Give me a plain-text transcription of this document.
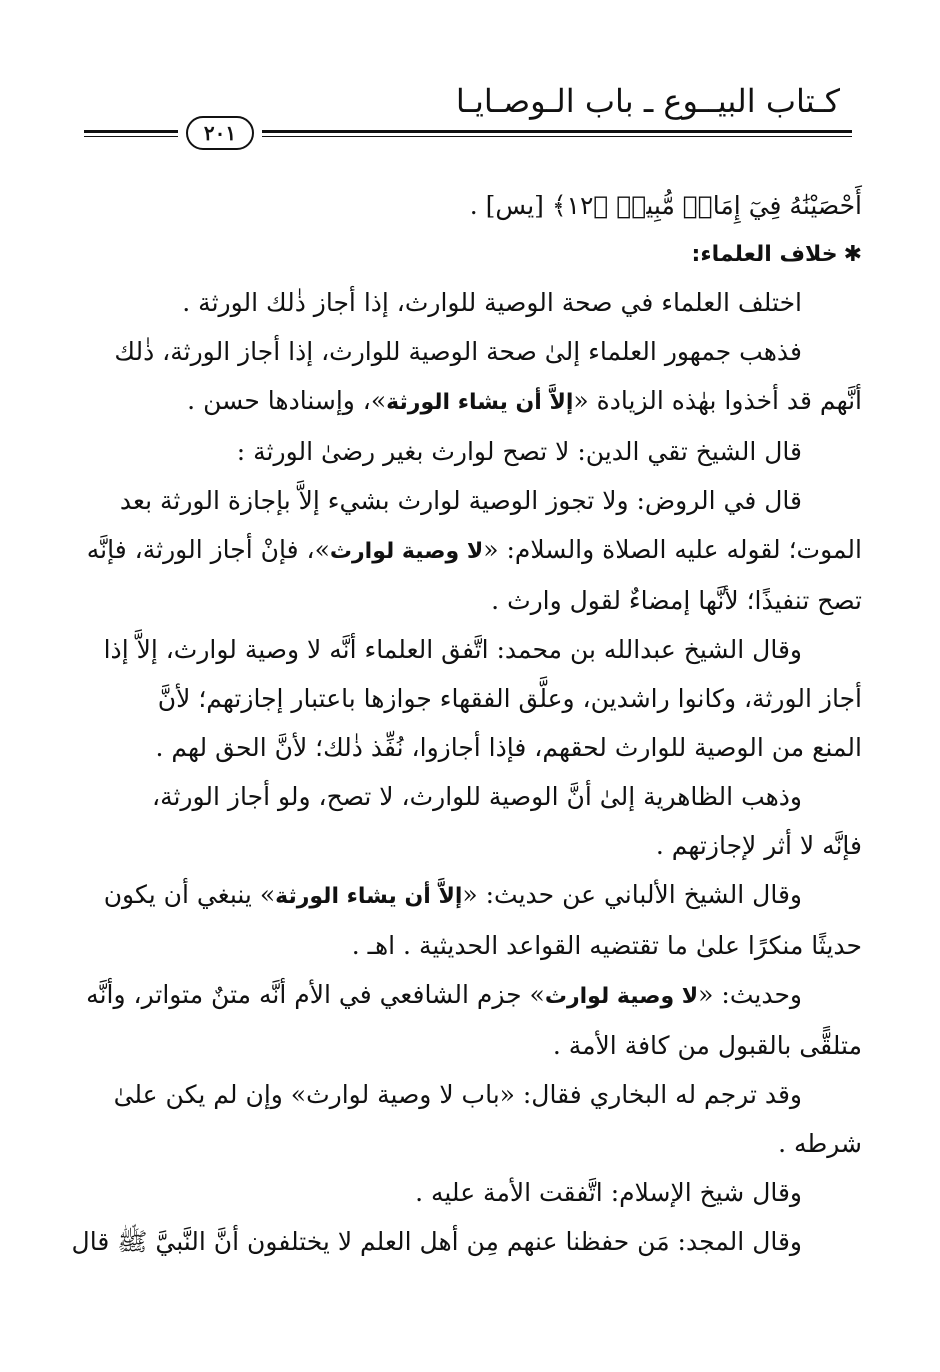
كـتاب البيــوع ـ باب الـوصـايـا
٢٠١
أَحْصَيْنَٰهُ فِيٓ إِمَامٖ مُّبِينٖ ﴿١٢﴾ [يس] .
✱خلاف العلماء:
اختلف العلماء في صحة الوصية للوارث، إذا أجاز ذٰلك الورثة .
فذهب جمهور العلماء إلىٰ صحة الوصية للوارث، إذا أجاز الورثة، ذٰلك
أنَّهم قد أخذوا بهٰذه الزيادة «إلاَّ أن يشاء الورثة»، وإسنادها حسن .
قال الشيخ تقي الدين: لا تصح لوارث بغير رضىٰ الورثة :
قال في الروض: ولا تجوز الوصية لوارث بشيء إلاَّ بإجازة الورثة بعد
الموت؛ لقوله عليه الصلاة والسلام: «لا وصية لوارث»، فإنْ أجاز الورثة، فإنَّه
تصح تنفيذًا؛ لأنَّها إمضاءٌ لقول وارث .
وقال الشيخ عبدالله بن محمد: اتَّفق العلماء أنَّه لا وصية لوارث، إلاَّ إذا
أجاز الورثة، وكانوا راشدين، وعلَّق الفقهاء جوازها باعتبار إجازتهم؛ لأنَّ
المنع من الوصية للوارث لحقهم، فإذا أجازوا، نُفِّذ ذٰلك؛ لأنَّ الحق لهم .
وذهب الظاهرية إلىٰ أنَّ الوصية للوارث، لا تصح، ولو أجاز الورثة،
فإنَّه لا أثر لإجازتهم .
وقال الشيخ الألباني عن حديث: «إلاَّ أن يشاء الورثة» ينبغي أن يكون
حديثًا منكرًا علىٰ ما تقتضيه القواعد الحديثية . اهـ .
وحديث: «لا وصية لوارث» جزم الشافعي في الأم أنَّه متنٌ متواتر، وأنَّه
متلقًّى بالقبول من كافة الأمة .
وقد ترجم له البخاري فقال: «باب لا وصية لوارث» وإن لم يكن علىٰ
شرطه .
وقال شيخ الإسلام: اتَّفقت الأمة عليه .
وقال المجد: مَن حفظنا عنهم مِن أهل العلم لا يختلفون أنَّ النَّبيَّ ﷺ قال
